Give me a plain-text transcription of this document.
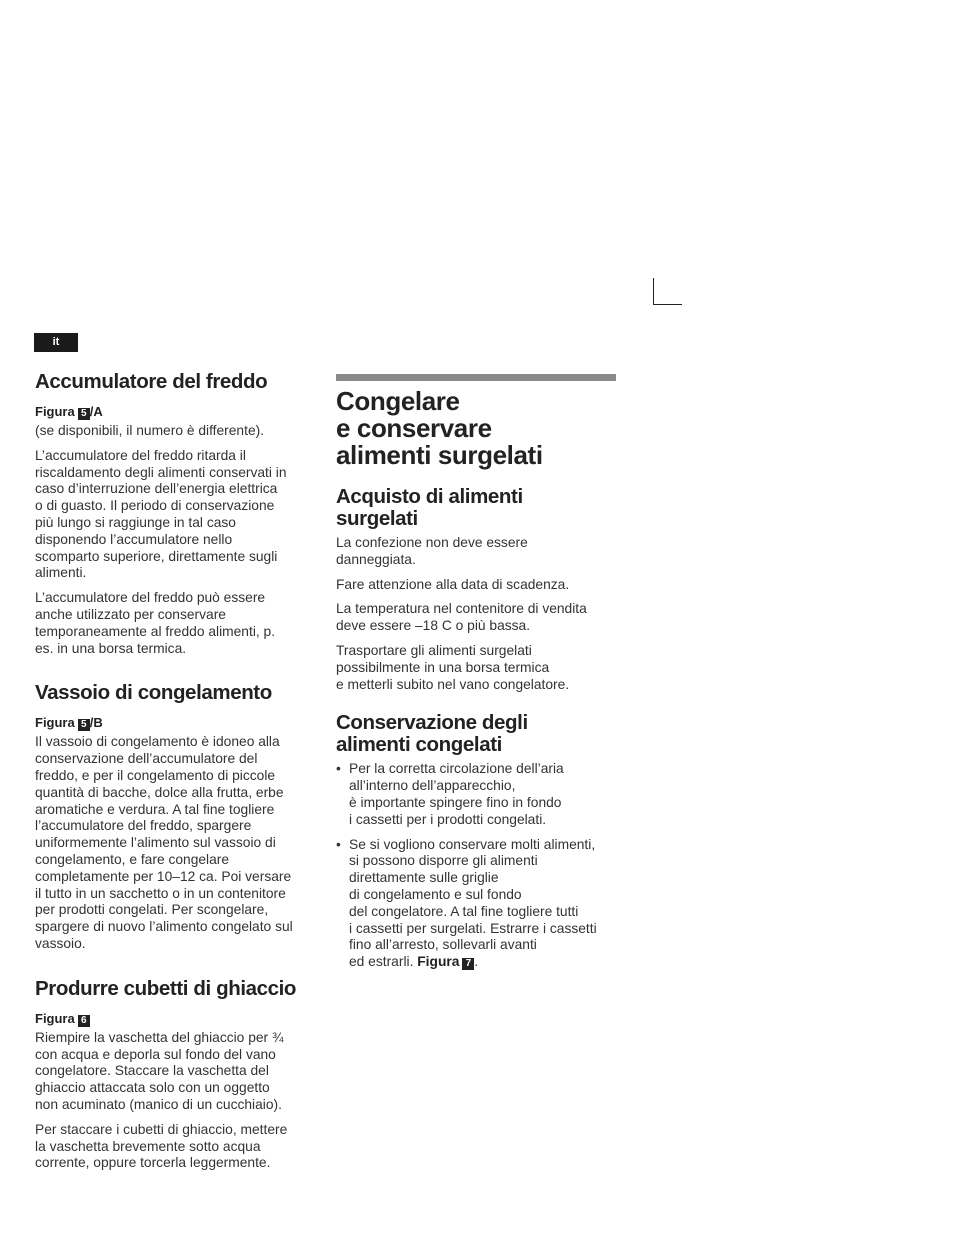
it
Accumulatore del freddo
Figura 5 /A

(se disponibili, il numero è differente).

L’accumulatore del freddo ritarda il
riscaldamento degli alimenti conservati in
caso d’interruzione dell’energia elettrica
o di guasto. Il periodo di conservazione
più lungo si raggiunge in tal caso
disponendo l’accumulatore nello
scomparto superiore, direttamente sugli
alimenti.

L’accumulatore del freddo può essere
anche utilizzato per conservare
temporaneamente al freddo alimenti, p.
es. in una borsa termica.

Vassoio di congelamento
Figura 5 /B

Il vassoio di congelamento è idoneo alla
conservazione dell’accumulatore del
freddo, e per il congelamento di piccole
quantità di bacche, dolce alla frutta, erbe
aromatiche e verdura. A tal fine togliere
l’accumulatore del freddo, spargere
uniformemente l’alimento sul vassoio di
congelamento, e fare congelare
completamente per 10–12 ca. Poi versare
il tutto in un sacchetto o in un contenitore
per prodotti congelati. Per scongelare,
spargere di nuovo l’alimento congelato sul
vassoio.

Produrre cubetti di ghiaccio
Figura 6

Riempire la vaschetta del ghiaccio per ¾
con acqua e deporla sul fondo del vano
congelatore. Staccare la vaschetta del
ghiaccio attaccata solo con un oggetto
non acuminato (manico di un cucchiaio).

Per staccare i cubetti di ghiaccio, mettere
la vaschetta brevemente sotto acqua
corrente, oppure torcerla leggermente.

Congelare
e conservare
alimenti surgelati
Acquisto di alimenti
surgelati

La confezione non deve essere
danneggiata.

Fare attenzione alla data di scadenza.

La temperatura nel contenitore di vendita
deve essere –18 C o più bassa.

Trasportare gli alimenti surgelati
possibilmente in una borsa termica
e metterli subito nel vano congelatore.

Conservazione degli
alimenti congelati
• Per la corretta circolazione dell’aria
all’interno dell’apparecchio,
è importante spingere fino in fondo
i cassetti per i prodotti congelati.
• Se si vogliono conservare molti alimenti,
si possono disporre gli alimenti
direttamente sulle griglie
di congelamento e sul fondo
del congelatore. A tal fine togliere tutti
i cassetti per surgelati. Estrarre i cassetti
fino all’arresto, sollevarli avanti
ed estrarli. Figura 7 .
